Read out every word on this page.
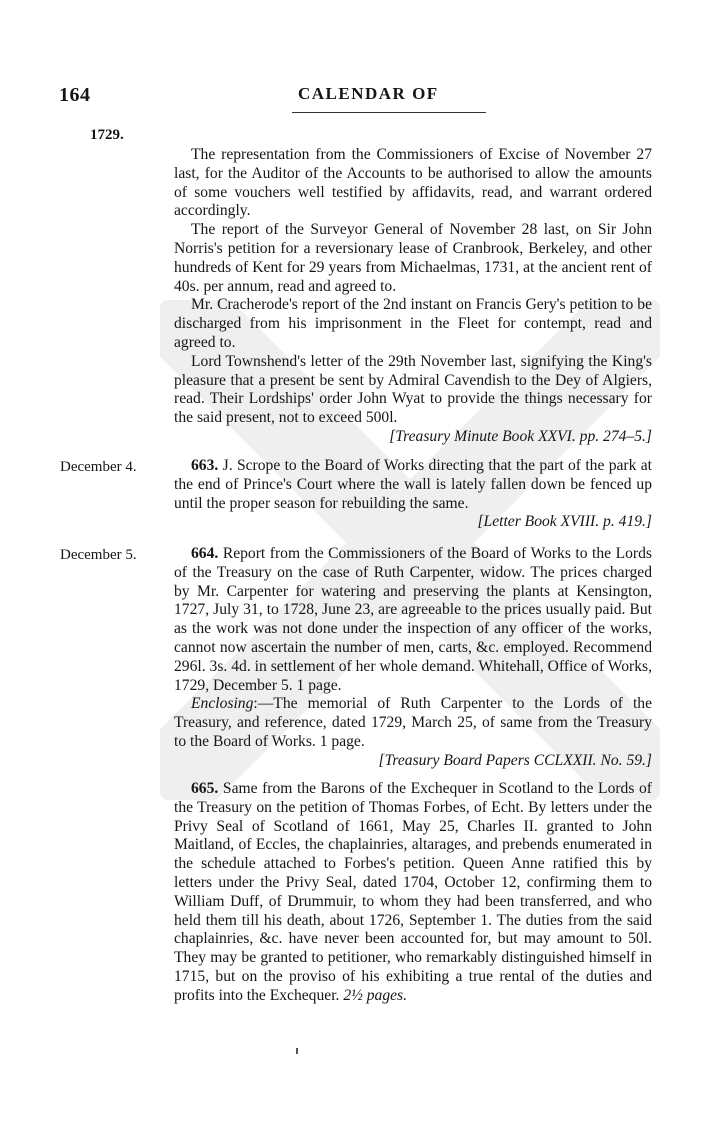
164	CALENDAR OF
1729.

The representation from the Commissioners of Excise of November 27 last, for the Auditor of the Accounts to be authorised to allow the amounts of some vouchers well testified by affidavits, read, and warrant ordered accordingly.

The report of the Surveyor General of November 28 last, on Sir John Norris's petition for a reversionary lease of Cranbrook, Berkeley, and other hundreds of Kent for 29 years from Michaelmas, 1731, at the ancient rent of 40s. per annum, read and agreed to.

Mr. Cracherode's report of the 2nd instant on Francis Gery's petition to be discharged from his imprisonment in the Fleet for contempt, read and agreed to.

Lord Townshend's letter of the 29th November last, signifying the King's pleasure that a present be sent by Admiral Cavendish to the Dey of Algiers, read. Their Lordships' order John Wyat to provide the things necessary for the said present, not to exceed 500l.

[Treasury Minute Book XXVI. pp. 274–5.]

December 4.	663. J. Scrope to the Board of Works directing that the part of the park at the end of Prince's Court where the wall is lately fallen down be fenced up until the proper season for rebuilding the same.

[Letter Book XVIII. p. 419.]

December 5.	664. Report from the Commissioners of the Board of Works to the Lords of the Treasury on the case of Ruth Carpenter, widow. The prices charged by Mr. Carpenter for watering and preserving the plants at Kensington, 1727, July 31, to 1728, June 23, are agreeable to the prices usually paid. But as the work was not done under the inspection of any officer of the works, cannot now ascertain the number of men, carts, &c. employed. Recommend 296l. 3s. 4d. in settlement of her whole demand. Whitehall, Office of Works, 1729, December 5. 1 page.

Enclosing:—The memorial of Ruth Carpenter to the Lords of the Treasury, and reference, dated 1729, March 25, of same from the Treasury to the Board of Works. 1 page.

[Treasury Board Papers CCLXXII. No. 59.]

665. Same from the Barons of the Exchequer in Scotland to the Lords of the Treasury on the petition of Thomas Forbes, of Echt. By letters under the Privy Seal of Scotland of 1661, May 25, Charles II. granted to John Maitland, of Eccles, the chaplainries, altarages, and prebends enumerated in the schedule attached to Forbes's petition. Queen Anne ratified this by letters under the Privy Seal, dated 1704, October 12, confirming them to William Duff, of Drummuir, to whom they had been transferred, and who held them till his death, about 1726, September 1. The duties from the said chaplainries, &c. have never been accounted for, but may amount to 50l. They may be granted to petitioner, who remarkably distinguished himself in 1715, but on the proviso of his exhibiting a true rental of the duties and profits into the Exchequer. 2½ pages.
